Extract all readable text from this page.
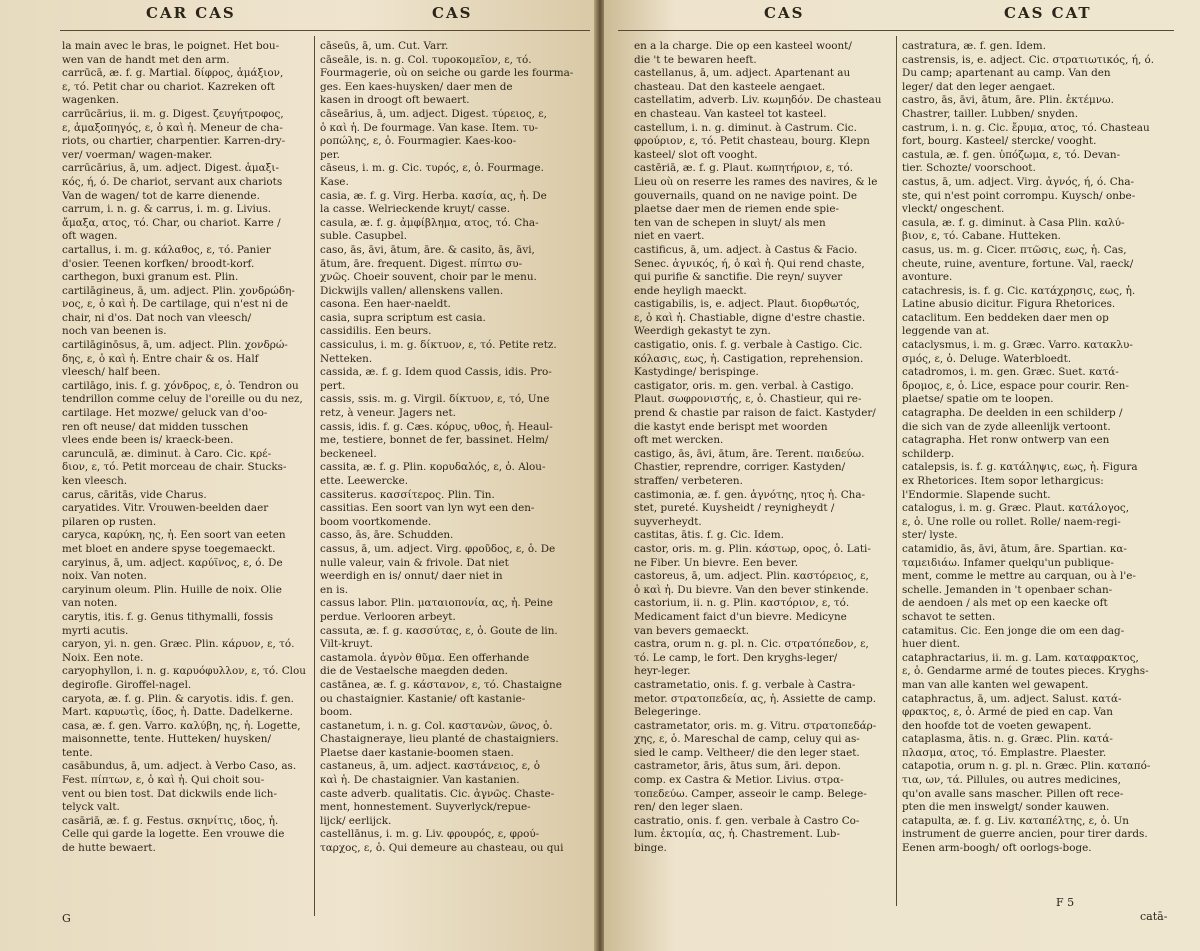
CAR CAS	CAS

la main avec le bras, le poignet. Het bou-

wen van de handt met den arm.

carrūcā, æ. f. g. Martial. δίφρος, ἁμάξιον,

ε, τό. Petit char ou chariot. Kazreken oft

wagenken.

carrūcārius, ii. m. g. Digest. ζευγήτροφος,

ε, ἁμαξοπηγός, ε, ὁ καὶ ἡ. Meneur de cha-

riots, ou chartier, charpentier. Karren-dry-

ver/ voerman/ wagen-maker.

carrūcārius, ā, um. adject. Digest. ἁμαξι-

κός, ή, ό. De chariot, servant aux chariots

Van de wagen/ tot de karre dienende.

carrum, i. n. g. & carrus, i. m. g. Livius.

ἄμαξα, ατος, τό. Char, ou chariot. Karre /

oft wagen.

cartallus, i. m. g. κάλαθος, ε, τό. Panier

d'osier. Teenen korfken/ broodt-korf.

carthegon, buxi granum est. Plin.

cartilāgineus, ā, um. adject. Plin. χονδρώδη-

νος, ε, ὁ καὶ ἡ. De cartilage, qui n'est ni de

chair, ni d'os. Dat noch van vleesch/

noch van beenen is.

cartilāginōsus, ā, um. adject. Plin. χονδρώ-

δης, ε, ὁ καὶ ἡ. Entre chair & os. Half

vleesch/ half been.

cartilāgo, inis. f. g. χόνδρος, ε, ὁ. Tendron ou

tendrillon comme celuy de l'oreille ou du nez,

cartilage. Het mozwe/ geluck van d'oo-

ren oft neuse/ dat midden tusschen

vlees ende been is/ kraeck-been.

carunculā, æ. diminut. à Caro. Cic. κρέ-

διον, ε, τό. Petit morceau de chair. Stucks-

ken vleesch.

carus, cāritās, vide Charus.

caryatides. Vitr. Vrouwen-beelden daer

pilaren op rusten.

caryca, καρύκη, ης, ἡ. Een soort van eeten

met bloet en andere spyse toegemaeckt.

caryinus, ā, um. adject. καρύϊνος, ε, ό. De

noix. Van noten.

caryinum oleum. Plin. Huille de noix. Olie

van noten.

carytis, itis. f. g. Genus tithymalli, fossis

myrti acutis.

caryon, yi. n. gen. Græc. Plin. κάρυον, ε, τό.

Noix. Een note.

caryophyllon, i. n. g. καρυόφυλλον, ε, τό. Clou

degirofle. Giroffel-nagel.

caryota, æ. f. g. Plin. & caryotis. idis. f. gen.

Mart. καρυωτὶς, ίδος, ἡ. Datte. Dadelkerne.

casa, æ. f. gen. Varro. καλύβη, ης, ἡ. Logette,

maisonnette, tente. Hutteken/ huysken/

tente.

casābundus, ā, um. adject. à Verbo Caso, as.

Fest. πίπτων, ε, ὁ καὶ ἡ. Qui choit sou-

vent ou bien tost. Dat dickwils ende lich-

telyck valt.

casāriā, æ. f. g. Festus. σκηνίτις, ιδος, ἡ.

Celle qui garde la logette. Een vrouwe die

de hutte bewaert.

cāseūs, ā, um. Cut. Varr.

cāseāle, is. n. g. Col. τυροκομεῖον, ε, τό.

Fourmagerie, où on seiche ou garde les fourma-

ges. Een kaes-huysken/ daer men de

kasen in droogt oft bewaert.

cāseārius, ā, um. adject. Digest. τύρειος, ε,

ὁ καὶ ἡ. De fourmage. Van kase. Item. τυ-

ροπώλης, ε, ὁ. Fourmagier. Kaes-koo-

per.

cāseus, i. m. g. Cic. τυρός, ε, ὁ. Fourmage.

Kase.

casia, æ. f. g. Virg. Herba. κασία, ας, ἡ. De

la casse. Welrieckende kruyt/ casse.

casula, æ. f. g. ἀμφίβλημα, ατος, τό. Cha-

suble. Casupbel.

caso, ās, āvi, ātum, āre. & casito, ās, āvi,

ātum, āre. frequent. Digest. πίπτω συ-

χνῶς. Choeir souvent, choir par le menu.

Dickwijls vallen/ allenskens vallen.

casona. Een haer-naeldt.

casia, supra scriptum est casia.

cassidilis. Een beurs.

cassiculus, i. m. g. δίκτυον, ε, τό. Petite retz.

Netteken.

cassida, æ. f. g. Idem quod Cassis, idis. Pro-

pert.

cassis, ssis. m. g. Virgil. δίκτυον, ε, τό, Une

retz, à veneur. Jagers net.

cassis, idis. f. g. Cæs. κόρυς, υθος, ἡ. Heaul-

me, testiere, bonnet de fer, bassinet. Helm/

beckeneel.

cassita, æ. f. g. Plin. κορυδαλός, ε, ὁ. Alou-

ette. Leewercke.

cassiterus. κασσίτερος. Plin. Tin.

cassitias. Een soort van lyn wyt een den-

boom voortkomende.

casso, ās, āre. Schudden.

cassus, ā, um. adject. Virg. φροῦδος, ε, ὁ. De

nulle valeur, vain & frivole. Dat niet

weerdigh en is/ onnut/ daer niet in

en is.

cassus labor. Plin. ματαιοπονία, ας, ἡ. Peine

perdue. Verlooren arbeyt.

cassuta, æ. f. g. κασσύτας, ε, ὁ. Goute de lin.

Vilt-kruyt.

castamola. ἁγνὸν θῦμα. Een offerhande

die de Vestaelsche maegden deden.

castānea, æ. f. g. κάστανον, ε, τό. Chastaigne

ou chastaignier. Kastanie/ oft kastanie-

boom.

castanetum, i. n. g. Col. καστανὼν, ῶνος, ὁ.

Chastaigneraye, lieu planté de chastaigniers.

Plaetse daer kastanie-boomen staen.

castaneus, ā, um. adject. καστάνειος, ε, ὁ

καὶ ἡ. De chastaignier. Van kastanien.

caste adverb. qualitatis. Cic. ἁγνῶς. Chaste-

ment, honnestement. Suyverlyck/repue-

lijck/ eerlijck.

castellānus, i. m. g. Liv. φρουρός, ε, φρού-

ταρχος, ε, ὁ. Qui demeure au chasteau, ou qui

G
CAS	CAS CAT

en a la charge. Die op een kasteel woont/

die 't te bewaren heeft.

castellanus, ā, um. adject. Apartenant au

chasteau. Dat den kasteele aengaet.

castellatim, adverb. Liv. κωμηδόν. De chasteau

en chasteau. Van kasteel tot kasteel.

castellum, i. n. g. diminut. à Castrum. Cic.

φρούριον, ε, τό. Petit chasteau, bourg. Klepn

kasteel/ slot oft vooght.

castēriā, æ. f. g. Plaut. κωπητήριον, ε, τό.

Lieu où on reserre les rames des navires, & le

gouvernails, quand on ne navige point. De

plaetse daer men de riemen ende spie-

ten van de schepen in sluyt/ als men

niet en vaert.

castificus, ā, um. adject. à Castus & Facio.

Senec. ἁγνικός, ή, ὁ καὶ ἡ. Qui rend chaste,

qui purifie & sanctifie. Die reyn/ suyver

ende heyligh maeckt.

castigabilis, is, e. adject. Plaut. διορθωτός,

ε, ὁ καὶ ἡ. Chastiable, digne d'estre chastie.

Weerdigh gekastyt te zyn.

castigatio, onis. f. g. verbale à Castigo. Cic.

κόλασις, εως, ἡ. Castigation, reprehension.

Kastydinge/ berispinge.

castigator, oris. m. gen. verbal. à Castigo.

Plaut. σωφρονιστής, ε, ὁ. Chastieur, qui re-

prend & chastie par raison de faict. Kastyder/

die kastyt ende berispt met woorden

oft met wercken.

castigo, ās, āvi, ātum, āre. Terent. παιδεύω.

Chastier, reprendre, corriger. Kastyden/

straffen/ verbeteren.

castimonia, æ. f. gen. ἁγνότης, ητος ἡ. Cha-

stet, pureté. Kuysheidt / reynigheydt /

suyverheydt.

castitas, ātis. f. g. Cic. Idem.

castor, oris. m. g. Plin. κάστωρ, ορος, ὁ. Lati-

ne Fiber. Un bievre. Een bever.

castoreus, ā, um. adject. Plin. καστόρειος, ε,

ὁ καὶ ἡ. Du bievre. Van den bever stinkende.

castorium, ii. n. g. Plin. καστόριον, ε, τό.

Medicament faict d'un bievre. Medicyne

van bevers gemaeckt.

castra, orum n. g. pl. n. Cic. στρατόπεδον, ε,

τό. Le camp, le fort. Den kryghs-leger/

heyr-leger.

castrametatio, onis. f. g. verbale à Castra-

metor. στρατοπεδεία, ας, ἡ. Assiette de camp.

Belegeringe.

castrametator, oris. m. g. Vitru. στρατοπεδάρ-

χης, ε, ὁ. Mareschal de camp, celuy qui as-

sied le camp. Veltheer/ die den leger staet.

castrametor, āris, ātus sum, āri. depon.

comp. ex Castra & Metior. Livius. στρα-

τοπεδεύω. Camper, asseoir le camp. Belege-

ren/ den leger slaen.

castratio, onis. f. gen. verbale à Castro Co-

lum. ἐκτομία, ας, ἡ. Chastrement. Lub-

binge.

castratura, æ. f. gen. Idem.

castrensis, is, e. adject. Cic. στρατιωτικός, ή, ό.

Du camp; apartenant au camp. Van den

leger/ dat den leger aengaet.

castro, ās, āvi, ātum, āre. Plin. ἐκτέμνω.

Chastrer, tailler. Lubben/ snyden.

castrum, i. n. g. Cic. ἔρυμα, ατος, τό. Chasteau

fort, bourg. Kasteel/ stercke/ vooght.

castula, æ. f. gen. ὑπόζωμα, ε, τό. Devan-

tier. Schozte/ voorschoot.

castus, ā, um. adject. Virg. ἁγνός, ή, ό. Cha-

ste, qui n'est point corrompu. Kuysch/ onbe-

vleckt/ ongeschent.

casula, æ. f. g. diminut. à Casa Plin. καλύ-

βιον, ε, τό. Cabane. Hutteken.

casus, us. m. g. Cicer. πτῶσις, εως, ἡ. Cas,

cheute, ruine, aventure, fortune. Val, raeck/

avonture.

catachresis, is. f. g. Cic. κατάχρησις, εως, ἡ.

Latine abusio dicitur. Figura Rhetorices.

cataclitum. Een beddeken daer men op

leggende van at.

cataclysmus, i. m. g. Græc. Varro. κατακλυ-

σμός, ε, ὁ. Deluge. Waterbloedt.

catadromos, i. m. gen. Græc. Suet. κατά-

δρομος, ε, ὁ. Lice, espace pour courir. Ren-

plaetse/ spatie om te loopen.

catagrapha. De deelden in een schilderp /

die sich van de zyde alleenlijk vertoont.

catagrapha. Het ronw ontwerp van een

schilderp.

catalepsis, is. f. g. κατάληψις, εως, ἡ. Figura

ex Rhetorices. Item sopor lethargicus:

l'Endormie. Slapende sucht.

catalogus, i. m. g. Græc. Plaut. κατάλογος,

ε, ὁ. Une rolle ou rollet. Rolle/ naem-regi-

ster/ lyste.

catamidio, ās, āvi, ātum, āre. Spartian. κα-

ταμειδιάω. Infamer quelqu'un publique-

ment, comme le mettre au carquan, ou à l'e-

schelle. Jemanden in 't openbaer schan-

de aendoen / als met op een kaecke oft

schavot te setten.

catamitus. Cic. Een jonge die om een dag-

huer dient.

cataphractarius, ii. m. g. Lam. καταφρακτος,

ε, ὁ. Gendarme armé de toutes pieces. Kryghs-

man van alle kanten wel gewapent.

cataphractus, ā, um. adject. Salust. κατά-

φρακτος, ε, ὁ. Armé de pied en cap. Van

den hoofde tot de voeten gewapent.

cataplasma, ātis. n. g. Græc. Plin. κατά-

πλασμα, ατος, τό. Emplastre. Plaester.

catapotia, orum n. g. pl. n. Græc. Plin. καταπό-

τια, ων, τά. Pillules, ou autres medicines,

qu'on avalle sans mascher. Pillen oft rece-

pten die men inswelgt/ sonder kauwen.

catapulta, æ. f. g. Liv. καταπέλτης, ε, ὁ. Un

instrument de guerre ancien, pour tirer dards.

Eenen arm-boogh/ oft oorlogs-boge.

F 5
catā-
